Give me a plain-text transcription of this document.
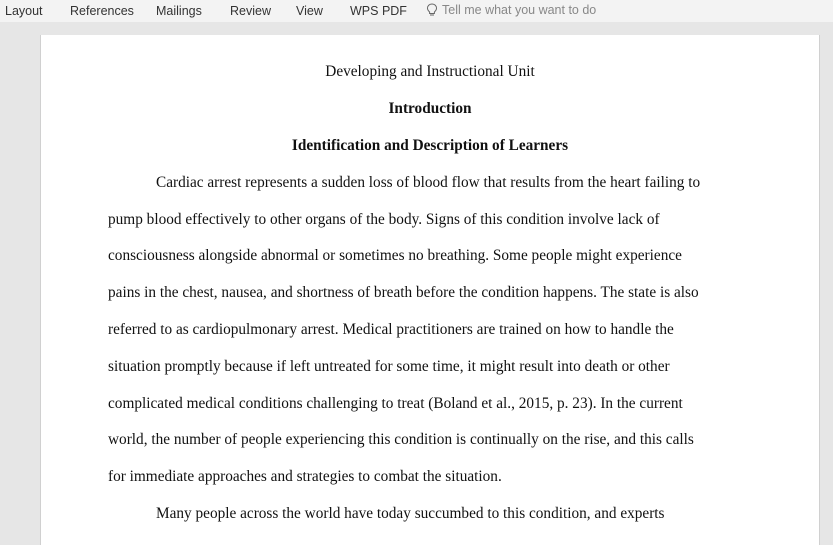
Layout References Mailings Review View WPS PDF	Tell me what you want to do
Developing and Instructional Unit
Introduction
Identification and Description of Learners
Cardiac arrest represents a sudden loss of blood flow that results from the heart failing to
pump blood effectively to other organs of the body. Signs of this condition involve lack of
consciousness alongside abnormal or sometimes no breathing. Some people might experience
pains in the chest, nausea, and shortness of breath before the condition happens. The state is also
referred to as cardiopulmonary arrest. Medical practitioners are trained on how to handle the
situation promptly because if left untreated for some time, it might result into death or other
complicated medical conditions challenging to treat (Boland et al., 2015, p. 23). In the current
world, the number of people experiencing this condition is continually on the rise, and this calls
for immediate approaches and strategies to combat the situation.
Many people across the world have today succumbed to this condition, and experts
